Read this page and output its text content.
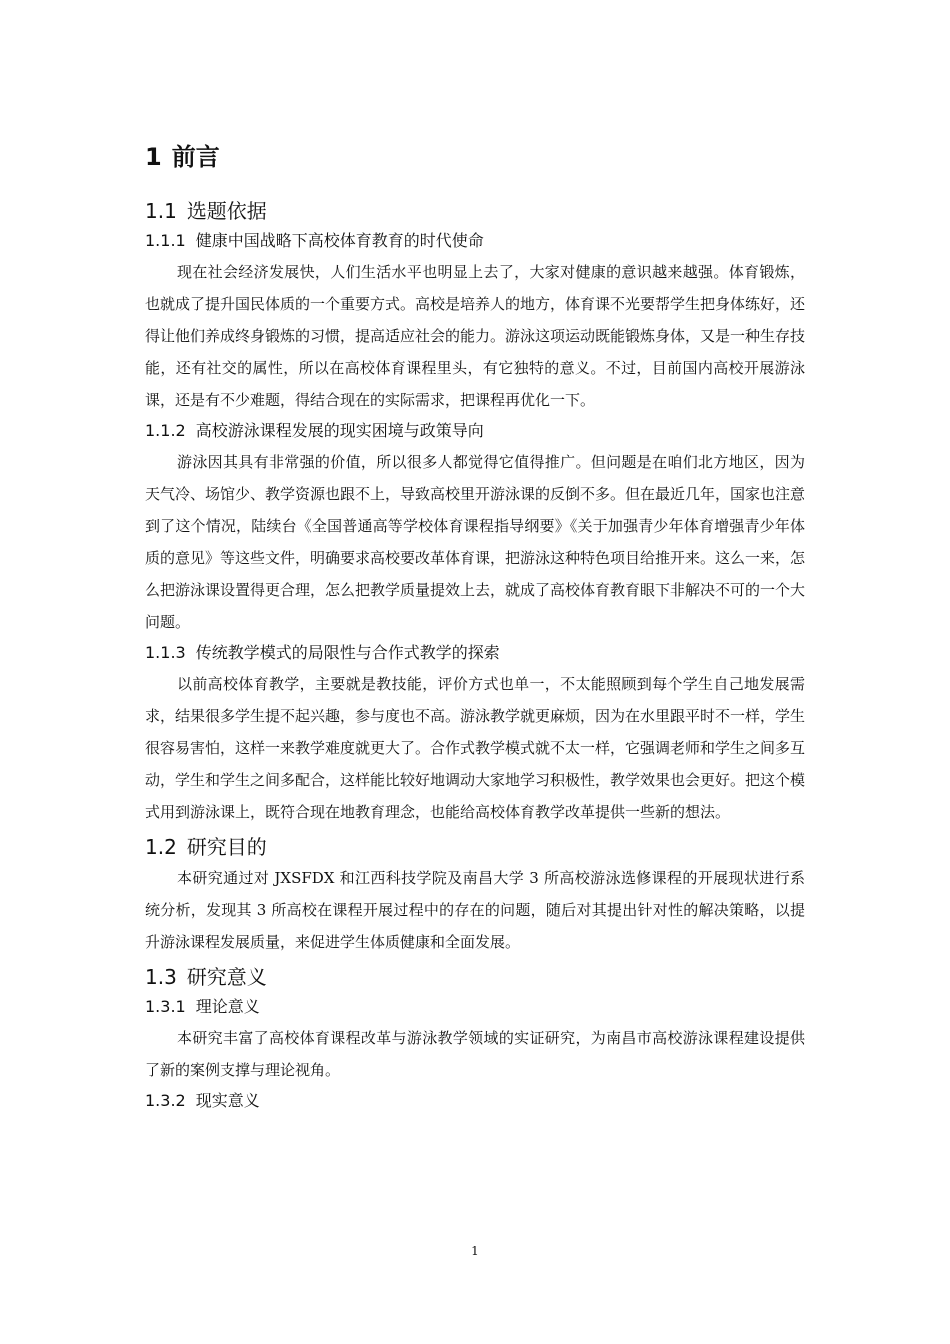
1 前言
1.1 选题依据
1.1.1 健康中国战略下高校体育教育的时代使命

现在社会经济发展快，人们生活水平也明显上去了，大家对健康的意识越来越强。体育锻炼，也就成了提升国民体质的一个重要方式。高校是培养人的地方，体育课不光要帮学生把身体练好，还得让他们养成终身锻炼的习惯，提高适应社会的能力。游泳这项运动既能锻炼身体，又是一种生存技能，还有社交的属性，所以在高校体育课程里头，有它独特的意义。不过，目前国内高校开展游泳课，还是有不少难题，得结合现在的实际需求，把课程再优化一下。

1.1.2 高校游泳课程发展的现实困境与政策导向

游泳因其具有非常强的价值，所以很多人都觉得它值得推广。但问题是在咱们北方地区，因为天气冷、场馆少、教学资源也跟不上，导致高校里开游泳课的反倒不多。但在最近几年，国家也注意到了这个情况，陆续台《全国普通高等学校体育课程指导纲要》《关于加强青少年体育增强青少年体质的意见》等这些文件，明确要求高校要改革体育课，把游泳这种特色项目给推开来。这么一来，怎么把游泳课设置得更合理，怎么把教学质量提效上去，就成了高校体育教育眼下非解决不可的一个大问题。

1.1.3 传统教学模式的局限性与合作式教学的探索

以前高校体育教学，主要就是教技能，评价方式也单一，不太能照顾到每个学生自己地发展需求，结果很多学生提不起兴趣，参与度也不高。游泳教学就更麻烦，因为在水里跟平时不一样，学生很容易害怕，这样一来教学难度就更大了。合作式教学模式就不太一样，它强调老师和学生之间多互动，学生和学生之间多配合，这样能比较好地调动大家地学习积极性，教学效果也会更好。把这个模式用到游泳课上，既符合现在地教育理念，也能给高校体育教学改革提供一些新的想法。

1.2 研究目的

本研究通过对 JXSFDX 和江西科技学院及南昌大学 3 所高校游泳选修课程的开展现状进行系统分析，发现其 3 所高校在课程开展过程中的存在的问题，随后对其提出针对性的解决策略，以提升游泳课程发展质量，来促进学生体质健康和全面发展。

1.3 研究意义
1.3.1 理论意义

本研究丰富了高校体育课程改革与游泳教学领域的实证研究，为南昌市高校游泳课程建设提供了新的案例支撑与理论视角。

1.3.2 现实意义
1
